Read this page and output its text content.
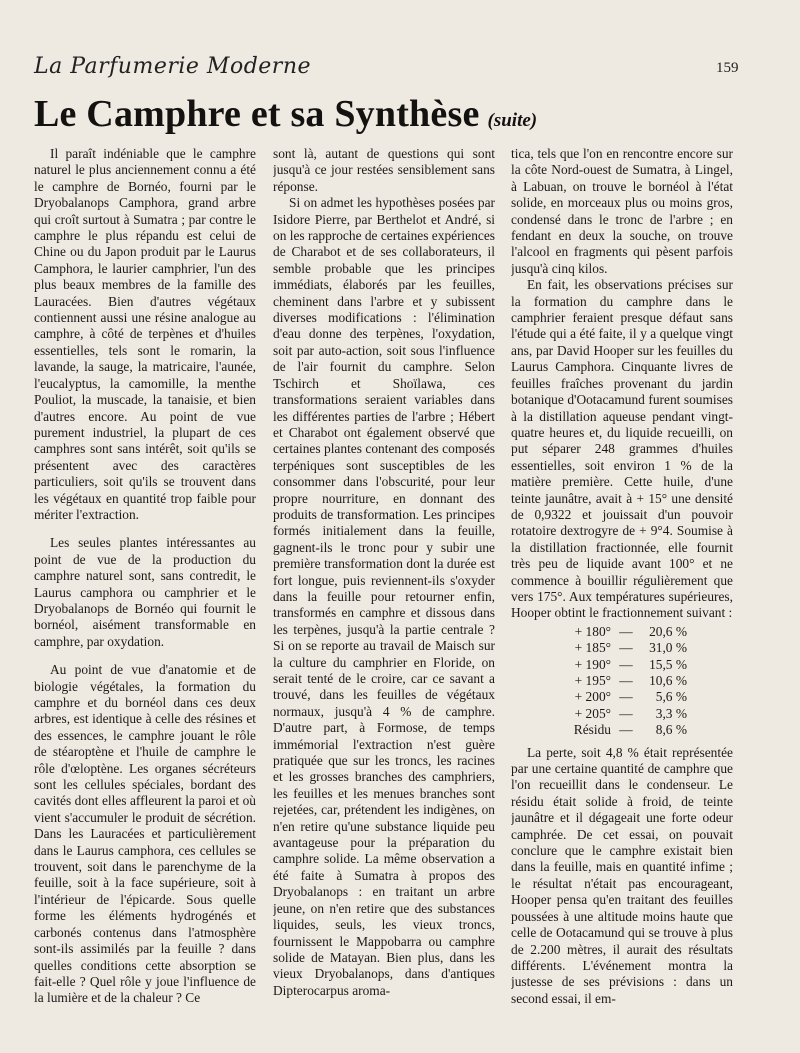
La Parfumerie Moderne	159
Le Camphre et sa Synthèse (suite)

Il paraît indéniable que le camphre naturel le plus anciennement connu a été le camphre de Bornéo, fourni par le Dryobalanops Camphora, grand arbre qui croît surtout à Sumatra ; par contre le camphre le plus répandu est celui de Chine ou du Japon produit par le Laurus Camphora, le laurier camphrier, l'un des plus beaux membres de la famille des Lauracées. Bien d'autres végétaux contiennent aussi une résine analogue au camphre, à côté de terpènes et d'huiles essentielles, tels sont le romarin, la lavande, la sauge, la matricaire, l'aunée, l'eucalyptus, la camomille, la menthe Pouliot, la muscade, la tanaisie, et bien d'autres encore. Au point de vue purement industriel, la plupart de ces camphres sont sans intérêt, soit qu'ils se présentent avec des caractères particuliers, soit qu'ils se trouvent dans les végétaux en quantité trop faible pour mériter l'extraction.

Les seules plantes intéressantes au point de vue de la production du camphre naturel sont, sans contredit, le Laurus camphora ou camphrier et le Dryobalanops de Bornéo qui fournit le bornéol, aisément transformable en camphre, par oxydation.

Au point de vue d'anatomie et de biologie végétales, la formation du camphre et du bornéol dans ces deux arbres, est identique à celle des résines et des essences, le camphre jouant le rôle de stéaroptène et l'huile de camphre le rôle d'œloptène. Les organes sécréteurs sont les cellules spéciales, bordant des cavités dont elles affleurent la paroi et où vient s'accumuler le produit de sécrétion. Dans les Lauracées et particulièrement dans le Laurus camphora, ces cellules se trouvent, soit dans le parenchyme de la feuille, soit à la face supérieure, soit à l'intérieur de l'épicarde. Sous quelle forme les éléments hydrogénés et carbonés contenus dans l'atmosphère sont-ils assimilés par la feuille ? dans quelles conditions cette absorption se fait-elle ? Quel rôle y joue l'influence de la lumière et de la chaleur ? Ce

sont là, autant de questions qui sont jusqu'à ce jour restées sensiblement sans réponse.

Si on admet les hypothèses posées par Isidore Pierre, par Berthelot et André, si on les rapproche de certaines expériences de Charabot et de ses collaborateurs, il semble probable que les principes immédiats, élaborés par les feuilles, cheminent dans l'arbre et y subissent diverses modifications : l'élimination d'eau donne des terpènes, l'oxydation, soit par auto-action, soit sous l'influence de l'air fournit du camphre. Selon Tschirch et Shoïlawa, ces transformations seraient variables dans les différentes parties de l'arbre ; Hébert et Charabot ont également observé que certaines plantes contenant des composés terpéniques sont susceptibles de les consommer dans l'obscurité, pour leur propre nourriture, en donnant des produits de transformation. Les principes formés initialement dans la feuille, gagnent-ils le tronc pour y subir une première transformation dont la durée est fort longue, puis reviennent-ils s'oxyder dans la feuille pour retourner enfin, transformés en camphre et dissous dans les terpènes, jusqu'à la partie centrale ? Si on se reporte au travail de Maisch sur la culture du camphrier en Floride, on serait tenté de le croire, car ce savant a trouvé, dans les feuilles de végétaux normaux, jusqu'à 4 % de camphre. D'autre part, à Formose, de temps immémorial l'extraction n'est guère pratiquée que sur les troncs, les racines et les grosses branches des camphriers, les feuilles et les menues branches sont rejetées, car, prétendent les indigènes, on n'en retire qu'une substance liquide peu avantageuse pour la préparation du camphre solide. La même observation a été faite à Sumatra à propos des Dryobalanops : en traitant un arbre jeune, on n'en retire que des substances liquides, seuls, les vieux troncs, fournissent le Mappobarra ou camphre solide de Matayan. Bien plus, dans les vieux Dryobalanops, dans d'antiques Dipterocarpus aroma-

tica, tels que l'on en rencontre encore sur la côte Nord-ouest de Sumatra, à Lingel, à Labuan, on trouve le bornéol à l'état solide, en morceaux plus ou moins gros, condensé dans le tronc de l'arbre ; en fendant en deux la souche, on trouve l'alcool en fragments qui pèsent parfois jusqu'à cinq kilos.

En fait, les observations précises sur la formation du camphre dans le camphrier feraient presque défaut sans l'étude qui a été faite, il y a quelque vingt ans, par David Hooper sur les feuilles du Laurus Camphora. Cinquante livres de feuilles fraîches provenant du jardin botanique d'Ootacamund furent soumises à la distillation aqueuse pendant vingt-quatre heures et, du liquide recueilli, on put séparer 248 grammes d'huiles essentielles, soit environ 1 % de la matière première. Cette huile, d'une teinte jaunâtre, avait à + 15° une densité de 0,9322 et jouissait d'un pouvoir rotatoire dextrogyre de + 9°4. Soumise à la distillation fractionnée, elle fournit très peu de liquide avant 100° et ne commence à bouillir régulièrement que vers 175°. Aux températures supérieures, Hooper obtint le fractionnement suivant :

+ 180°	—	20,6 %
+ 185°	—	31,0 %
+ 190°	—	15,5 %
+ 195°	—	10,6 %
+ 200°	—	5,6 %
+ 205°	—	3,3 %
Résidu	—	8,6 %

La perte, soit 4,8 % était représentée par une certaine quantité de camphre que l'on recueillit dans le condenseur. Le résidu était solide à froid, de teinte jaunâtre et il dégageait une forte odeur camphrée. De cet essai, on pouvait conclure que le camphre existait bien dans la feuille, mais en quantité infime ; le résultat n'était pas encourageant, Hooper pensa qu'en traitant des feuilles poussées à une altitude moins haute que celle de Ootacamund qui se trouve à plus de 2.200 mètres, il aurait des résultats différents. L'événement montra la justesse de ses prévisions : dans un second essai, il em-
